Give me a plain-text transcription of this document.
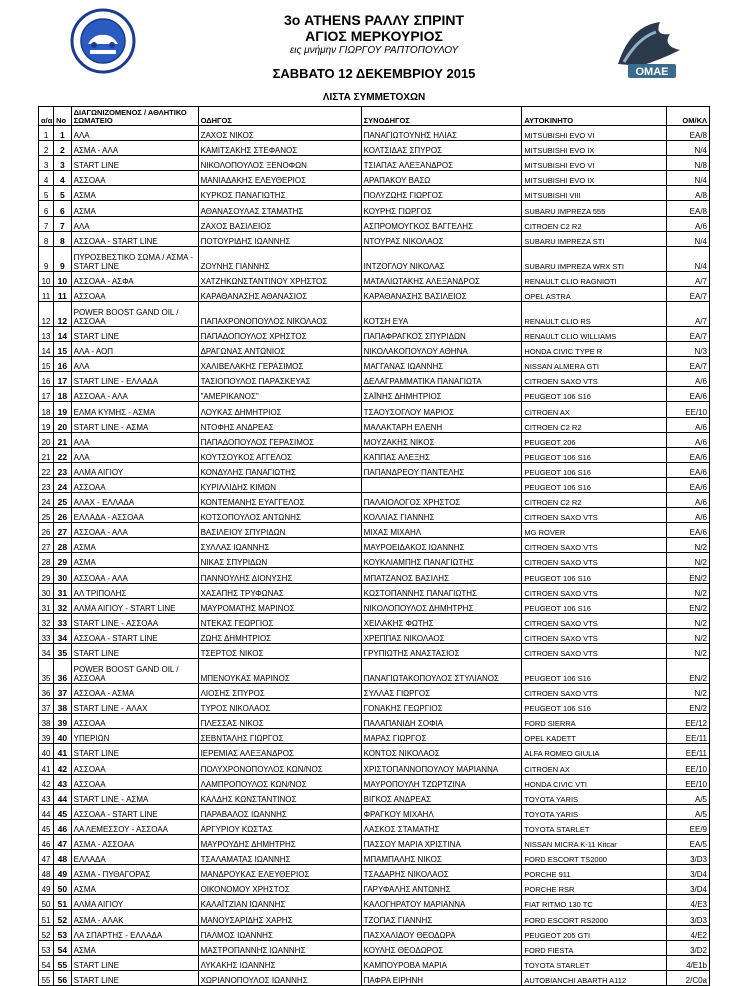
3ο ATHENS ΡΑΛΛΥ ΣΠΡΙΝΤ
ΑΓΙΟΣ ΜΕΡΚΟΥΡΙΟΣ
εις μνήμην ΓΙΩΡΓΟΥ ΡΑΠΤΟΠΟΥΛΟΥ
ΣΑΒΒΑΤΟ 12 ΔΕΚΕΜΒΡΙΟΥ 2015
ΛΙΣΤΑ ΣΥΜΜΕΤΟΧΩΝ
ΟΜΑΕ
α/α	Νο	ΔΙΑΓΩΝΙΖΟΜΕΝΟΣ / ΑΘΛΗΤΙΚΟ ΣΩΜΑΤΕΙΟ	ΟΔΗΓΟΣ	ΣΥΝΟΔΗΓΟΣ	ΑΥΤΟΚΙΝΗΤΟ	ΟΜ/ΚΛ
1	1	ΑΛΑ	ΖΑΧΟΣ ΝΙΚΟΣ	ΠΑΝΑΓΙΩΤΟΥΝΗΣ ΗΛΙΑΣ	MITSUBISHI EVO VI	ΕΑ/8
2	2	ΑΣΜΑ - ΑΛΑ	ΚΑΜΙΤΣΑΚΗΣ ΣΤΕΦΑΝΟΣ	ΚΟΛΤΣΙΔΑΣ ΣΠΥΡΟΣ	MITSUBISHI EVO IX	N/4
3	3	START LINE	ΝΙΚΟΛΟΠΟΥΛΟΣ ΞΕΝΟΦΩΝ	ΤΣΙΑΠΑΣ ΑΛΕΞΑΝΔΡΟΣ	MITSUBISHI EVO VI	N/8
4	4	ΑΣΣΟΑΑ	ΜΑΝΙΑΔΑΚΗΣ ΕΛΕΥΘΕΡΙΟΣ	ΑΡΑΠΑΚΟΥ ΒΑΣΩ	MITSUBISHI EVO IX	N/4
5	5	ΑΣΜΑ	ΚΥΡΚΟΣ ΠΑΝΑΓΙΩΤΗΣ	ΠΟΛΥΖΩΗΣ ΓΙΩΡΓΟΣ	MITSUBISHI VIII	A/8
6	6	ΑΣΜΑ	ΑΘΑΝΑΣΟΥΛΑΣ ΣΤΑΜΑΤΗΣ	ΚΟΥΡΗΣ ΓΙΩΡΓΟΣ	SUBARU IMPREZA 555	ΕΑ/8
7	7	ΑΛΑ	ΖΑΧΟΣ ΒΑΣΙΛΕΙΟΣ	ΑΣΠΡΟΜΟΥΓΚΟΣ ΒΑΓΓΕΛΗΣ	CITROEN C2 R2	A/6
8	8	ΑΣΣΟΑΑ - START LINE	ΠΟΤΟΥΡΙΔΗΣ ΙΩΑΝΝΗΣ	ΝΤΟΥΡΑΣ ΝΙΚΟΛΑΟΣ	SUBARU IMPREZA STI	N/4
9	9	ΠΥΡΟΣΒΕΣΤΙΚΟ ΣΩΜΑ / ΑΣΜΑ - START LINE	ΖΟΥΝΗΣ ΓΙΑΝΝΗΣ	ΙΝΤΖΟΓΛΟΥ ΝΙΚΟΛΑΣ	SUBARU IMPREZA WRX STI	N/4
10	10	ΑΣΣΟΑΑ - ΑΣΦΑ	ΧΑΤΖΗΚΩΝΣΤΑΝΤΙΝΟΥ ΧΡΗΣΤΟΣ	ΜΑΤΑΛΙΩΤΑΚΗΣ ΑΛΕΞΑΝΔΡΟΣ	RENAULT CLIO RAGNIOTI	A/7
11	11	ΑΣΣΟΑΑ	ΚΑΡΑΘΑΝΑΣΗΣ ΑΘΑΝΑΣΙΟΣ	ΚΑΡΑΘΑΝΑΣΗΣ ΒΑΣΙΛΕΙΟΣ	OPEL ASTRA	ΕΑ/7
12	12	POWER BOOST GAND OIL / ΑΣΣΟΑΑ	ΠΑΠΑΧΡΟΝΟΠΟΥΛΟΣ ΝΙΚΟΛΑΟΣ	ΚΟΤΣΗ ΕΥΑ	RENAULT CLIO RS	A/7
13	14	START LINE	ΠΑΠΑΔΟΠΟΥΛΟΣ ΧΡΗΣΤΟΣ	ΠΑΠΑΦΡΑΓΚΟΣ ΣΠΥΡΙΔΩΝ	RENAULT CLIO WILLIAMS	ΕΑ/7
14	15	ΑΛΑ - ΑΟΠ	ΔΡΑΓΩΝΑΣ ΑΝΤΩΝΙΟΣ	ΝΙΚΟΛΑΚΟΠΟΥΛΟΥ ΑΘΗΝΑ	HONDA CIVIC TYPE R	N/3
15	16	ΑΛΑ	ΧΑΛΙΒΕΛΑΚΗΣ ΓΕΡΑΣΙΜΟΣ	ΜΑΓΓΑΝΑΣ ΙΩΑΝΝΗΣ	NISSAN ALMERA GTI	ΕΑ/7
16	17	START LINE - ΕΛΛΑΔΑ	ΤΑΣΙΟΠΟΥΛΟΣ ΠΑΡΑΣΚΕΥΑΣ	ΔΕΛΑΓΡΑΜΜΑΤΙΚΑ ΠΑΝΑΓΙΩΤΑ	CITROEN SAXO VTS	A/6
17	18	ΑΣΣΟΑΑ - ΑΛΑ	"ΑΜΕΡΙΚΑΝΟΣ"	ΣΑΪΝΗΣ ΔΗΜΗΤΡΙΟΣ	PEUGEOT 106 S16	ΕΑ/6
18	19	ΕΛΜΑ ΚΥΜΗΣ - ΑΣΜΑ	ΛΟΥΚΑΣ ΔΗΜΗΤΡΙΟΣ	ΤΣΑΟΥΣΟΓΛΟΥ ΜΑΡΙΟΣ	CITROEN AX	ΕΕ/10
19	20	START LINE - ΑΣΜΑ	ΝΤΟΦΗΣ ΑΝΔΡΕΑΣ	ΜΑΛΑΚΤΑΡΗ ΕΛΕΝΗ	CITROEN C2 R2	A/6
20	21	ΑΛΑ	ΠΑΠΑΔΟΠΟΥΛΟΣ ΓΕΡΑΣΙΜΟΣ	ΜΟΥΖΑΚΗΣ ΝΙΚΟΣ	PEUGEOT 206	A/6
21	22	ΑΛΑ	ΚΟΥΤΣΟΥΚΟΣ ΑΓΓΕΛΟΣ	ΚΑΠΠΑΣ ΑΛΕΞΗΣ	PEUGEOT 106 S16	ΕΑ/6
22	23	ΑΛΜΑ ΑΙΓΙΟΥ	ΚΟΝΔΥΛΗΣ ΠΑΝΑΓΙΩΤΗΣ	ΠΑΠΑΝΔΡΕΟΥ ΠΑΝΤΕΛΗΣ	PEUGEOT 106 S16	ΕΑ/6
23	24	ΑΣΣΟΑΑ	ΚΥΡΙΛΛΙΔΗΣ ΚΙΜΩΝ		PEUGEOT 106 S16	ΕΑ/6
24	25	ΑΛΑΧ - ΕΛΛΑΔΑ	ΚΟΝΤΕΜΑΝΗΣ ΕΥΑΓΓΕΛΟΣ	ΠΑΛΑΙΟΛΟΓΟΣ ΧΡΗΣΤΟΣ	CITROEN C2 R2	A/6
25	26	ΕΛΛΑΔΑ - ΑΣΣΟΑΑ	ΚΟΤΣΟΠΟΥΛΟΣ ΑΝΤΩΝΗΣ	ΚΟΛΛΙΑΣ ΓΙΑΝΝΗΣ	CITROEN SAXO VTS	A/6
26	27	ΑΣΣΟΑΑ - ΑΛΑ	ΒΑΣΙΛΕΙΟΥ ΣΠΥΡΙΔΩΝ	ΜΙΧΑΣ ΜΙΧΑΗΛ	MG ROVER	ΕΑ/6
27	28	ΑΣΜΑ	ΣΥΛΛΑΣ ΙΩΑΝΝΗΣ	ΜΑΥΡΟΕΙΔΑΚΟΣ ΙΩΑΝΝΗΣ	CITROEN SAXO VTS	N/2
28	29	ΑΣΜΑ	ΝΙΚΑΣ ΣΠΥΡΙΔΩΝ	ΚΟΥΚΛΙΑΜΠΗΣ ΠΑΝΑΓΙΩΤΗΣ	CITROEN SAXO VTS	N/2
29	30	ΑΣΣΟΑΑ - ΑΛΑ	ΠΑΝΝΟΥΛΗΣ ΔΙΟΝΥΣΗΣ	ΜΠΑΤΖΑΝΟΣ ΒΑΣΙΛΗΣ	PEUGEOT 106 S16	ΕΝ/2
30	31	ΑΛ ΤΡΙΠΟΛΗΣ	ΧΑΣΑΠΗΣ ΤΡΥΦΩΝΑΣ	ΚΩΣΤΟΠΑΝΝΗΣ ΠΑΝΑΓΙΩΤΗΣ	CITROEN SAXO VTS	N/2
31	32	ΑΛΜΑ ΑΙΓΙΟΥ - START LINE	ΜΑΥΡΟΜΑΤΗΣ ΜΑΡΙΝΟΣ	ΝΙΚΟΛΟΠΟΥΛΟΣ ΔΗΜΗΤΡΗΣ	PEUGEOT 106 S16	ΕΝ/2
32	33	START LINE - ΑΣΣΟΑΑ	ΝΤΕΚΑΣ ΓΕΩΡΓΙΟΣ	ΧΕΙΛΑΚΗΣ ΦΩΤΗΣ	CITROEN SAXO VTS	N/2
33	34	ΑΣΣΟΑΑ - START LINE	ΖΩΗΣ ΔΗΜΗΤΡΙΟΣ	ΧΡΕΠΠΑΣ ΝΙΚΟΛΑΟΣ	CITROEN SAXO VTS	N/2
34	35	START LINE	ΤΣΕΡΤΟΣ ΝΙΚΟΣ	ΓΡΥΠΙΩΤΗΣ ΑΝΑΣΤΑΣΙΟΣ	CITROEN SAXO VTS	N/2
35	36	POWER BOOST GAND OIL / ΑΣΣΟΑΑ	ΜΠΕΝΟΥΚΑΣ ΜΑΡΙΝΟΣ	ΠΑΝΑΓΙΩΤΑΚΟΠΟΥΛΟΣ ΣΤΥΛΙΑΝΟΣ	PEUGEOT 106 S16	ΕΝ/2
36	37	ΑΣΣΟΑΑ - ΑΣΜΑ	ΛΙΟΣΗΣ ΣΠΥΡΟΣ	ΣΥΛΛΑΣ ΓΙΩΡΓΟΣ	CITROEN SAXO VTS	N/2
37	38	START LINE - ΑΛΑΧ	ΤΥΡΟΣ ΝΙΚΟΛΑΟΣ	ΓΟΝΑΚΗΣ ΓΕΩΡΓΙΟΣ	PEUGEOT 106 S16	ΕΝ/2
38	39	ΑΣΣΟΑΑ	ΠΛΕΣΣΑΣ ΝΙΚΟΣ	ΠΑΛΑΠΑΝΙΔΗ ΣΟΦΙΑ	FORD SIERRA	ΕΕ/12
39	40	ΥΠΕΡΙΩΝ	ΣΕΒΝΤΑΛΗΣ ΓΙΩΡΓΟΣ	ΜΑΡΑΣ ΓΙΩΡΓΟΣ	OPEL KADETT	ΕΕ/11
40	41	START LINE	ΙΕΡΕΜΙΑΣ ΑΛΕΞΑΝΔΡΟΣ	ΚΟΝΤΟΣ ΝΙΚΟΛΑΟΣ	ALFA ROMEO GIULIA	ΕΕ/11
41	42	ΑΣΣΟΑΑ	ΠΟΛΥΧΡΟΝΟΠΟΥΛΟΣ ΚΩΝ/ΝΟΣ	ΧΡΙΣΤΟΠΑΝΝΟΠΟΥΛΟΥ ΜΑΡΙΑΝΝΑ	CITROEN AX	ΕΕ/10
42	43	ΑΣΣΟΑΑ	ΛΑΜΠΡΟΠΟΥΛΟΣ ΚΩΝ/ΝΟΣ	ΜΑΥΡΟΠΟΥΛΗ ΤΖΩΡΤΖΙΝΑ	HONDA CIVIC VTI	ΕΕ/10
43	44	START LINE - ΑΣΜΑ	ΚΑΛΔΗΣ ΚΩΝΣΤΑΝΤΙΝΟΣ	ΒΙΓΚΟΣ ΑΝΔΡΕΑΣ	TOYOTA YARIS	A/5
44	45	ΑΣΣΟΑΑ - START LINE	ΠΑΡΑΒΑΛΟΣ ΙΩΑΝΝΗΣ	ΦΡΑΓΚΟΥ ΜΙΧΑΗΛ	TOYOTA YARIS	A/5
45	46	ΛΑ ΛΕΜΕΣΣΟΥ - ΑΣΣΟΑΑ	ΑΡΓΥΡΙΟΥ ΚΩΣΤΑΣ	ΛΑΣΚΟΣ ΣΤΑΜΑΤΗΣ	TOYOTA STARLET	ΕΕ/9
46	47	ΑΣΜΑ - ΑΣΣΟΑΑ	ΜΑΥΡΟΥΔΗΣ ΔΗΜΗΤΡΗΣ	ΠΑΣΣΟΥ ΜΑΡΙΑ ΧΡΙΣΤΙΝΑ	NISSAN MICRA K-11 Kitcar	ΕΑ/5
47	48	ΕΛΛΑΔΑ	ΤΣΑΛΑΜΑΤΑΣ ΙΩΑΝΝΗΣ	ΜΠΑΜΠΑΛΗΣ ΝΙΚΟΣ	FORD ESCORT TS2000	3/D3
48	49	ΑΣΜΑ - ΠΥΘΑΓΟΡΑΣ	ΜΑΝΔΡΟΥΚΑΣ ΕΛΕΥΘΕΡΙΟΣ	ΤΣΑΔΑΡΗΣ ΝΙΚΟΛΑΟΣ	PORCHE 911	3/D4
49	50	ΑΣΜΑ	ΟΙΚΟΝΟΜΟΥ ΧΡΗΣΤΟΣ	ΓΑΡΥΦΑΛΗΣ ΑΝΤΩΝΗΣ	PORCHE RSR	3/D4
50	51	ΑΛΜΑ ΑΙΓΙΟΥ	ΚΑΛΑΪΤΖΙΑΝ ΙΩΑΝΝΗΣ	ΚΑΛΟΓΗΡΑΤΟΥ ΜΑΡΙΑΝΝΑ	FIAT RITMO 130 TC	4/E3
51	52	ΑΣΜΑ - ΑΛΑΚ	ΜΑΝΟΥΣΑΡΙΔΗΣ ΧΑΡΗΣ	ΤΖΟΠΑΣ ΓΙΑΝΝΗΣ	FORD ESCORT RS2000	3/D3
52	53	ΛΑ ΣΠΑΡΤΗΣ - ΕΛΛΑΔΑ	ΠΑΛΜΟΣ ΙΩΑΝΝΗΣ	ΠΑΣΧΑΛΙΔΟΥ ΘΕΟΔΩΡΑ	PEUGEOT 205 GTI	4/E2
53	54	ΑΣΜΑ	ΜΑΣΤΡΟΠΑΝΝΗΣ ΙΩΑΝΝΗΣ	ΚΟΥΛΗΣ ΘΕΟΔΩΡΟΣ	FORD FIESTA	3/D2
54	55	START LINE	ΛΥΚΑΚΗΣ ΙΩΑΝΝΗΣ	ΚΑΜΠΟΥΡΟΒΑ ΜΑΡΙΑ	TOYOTA STARLET	4/E1b
55	56	START LINE	ΧΩΡΙΑΝΟΠΟΥΛΟΣ ΙΩΑΝΝΗΣ	ΠΑΦΡΑ ΕΙΡΗΝΗ	AUTOBIANCHI ABARTH A112	2/C0a
